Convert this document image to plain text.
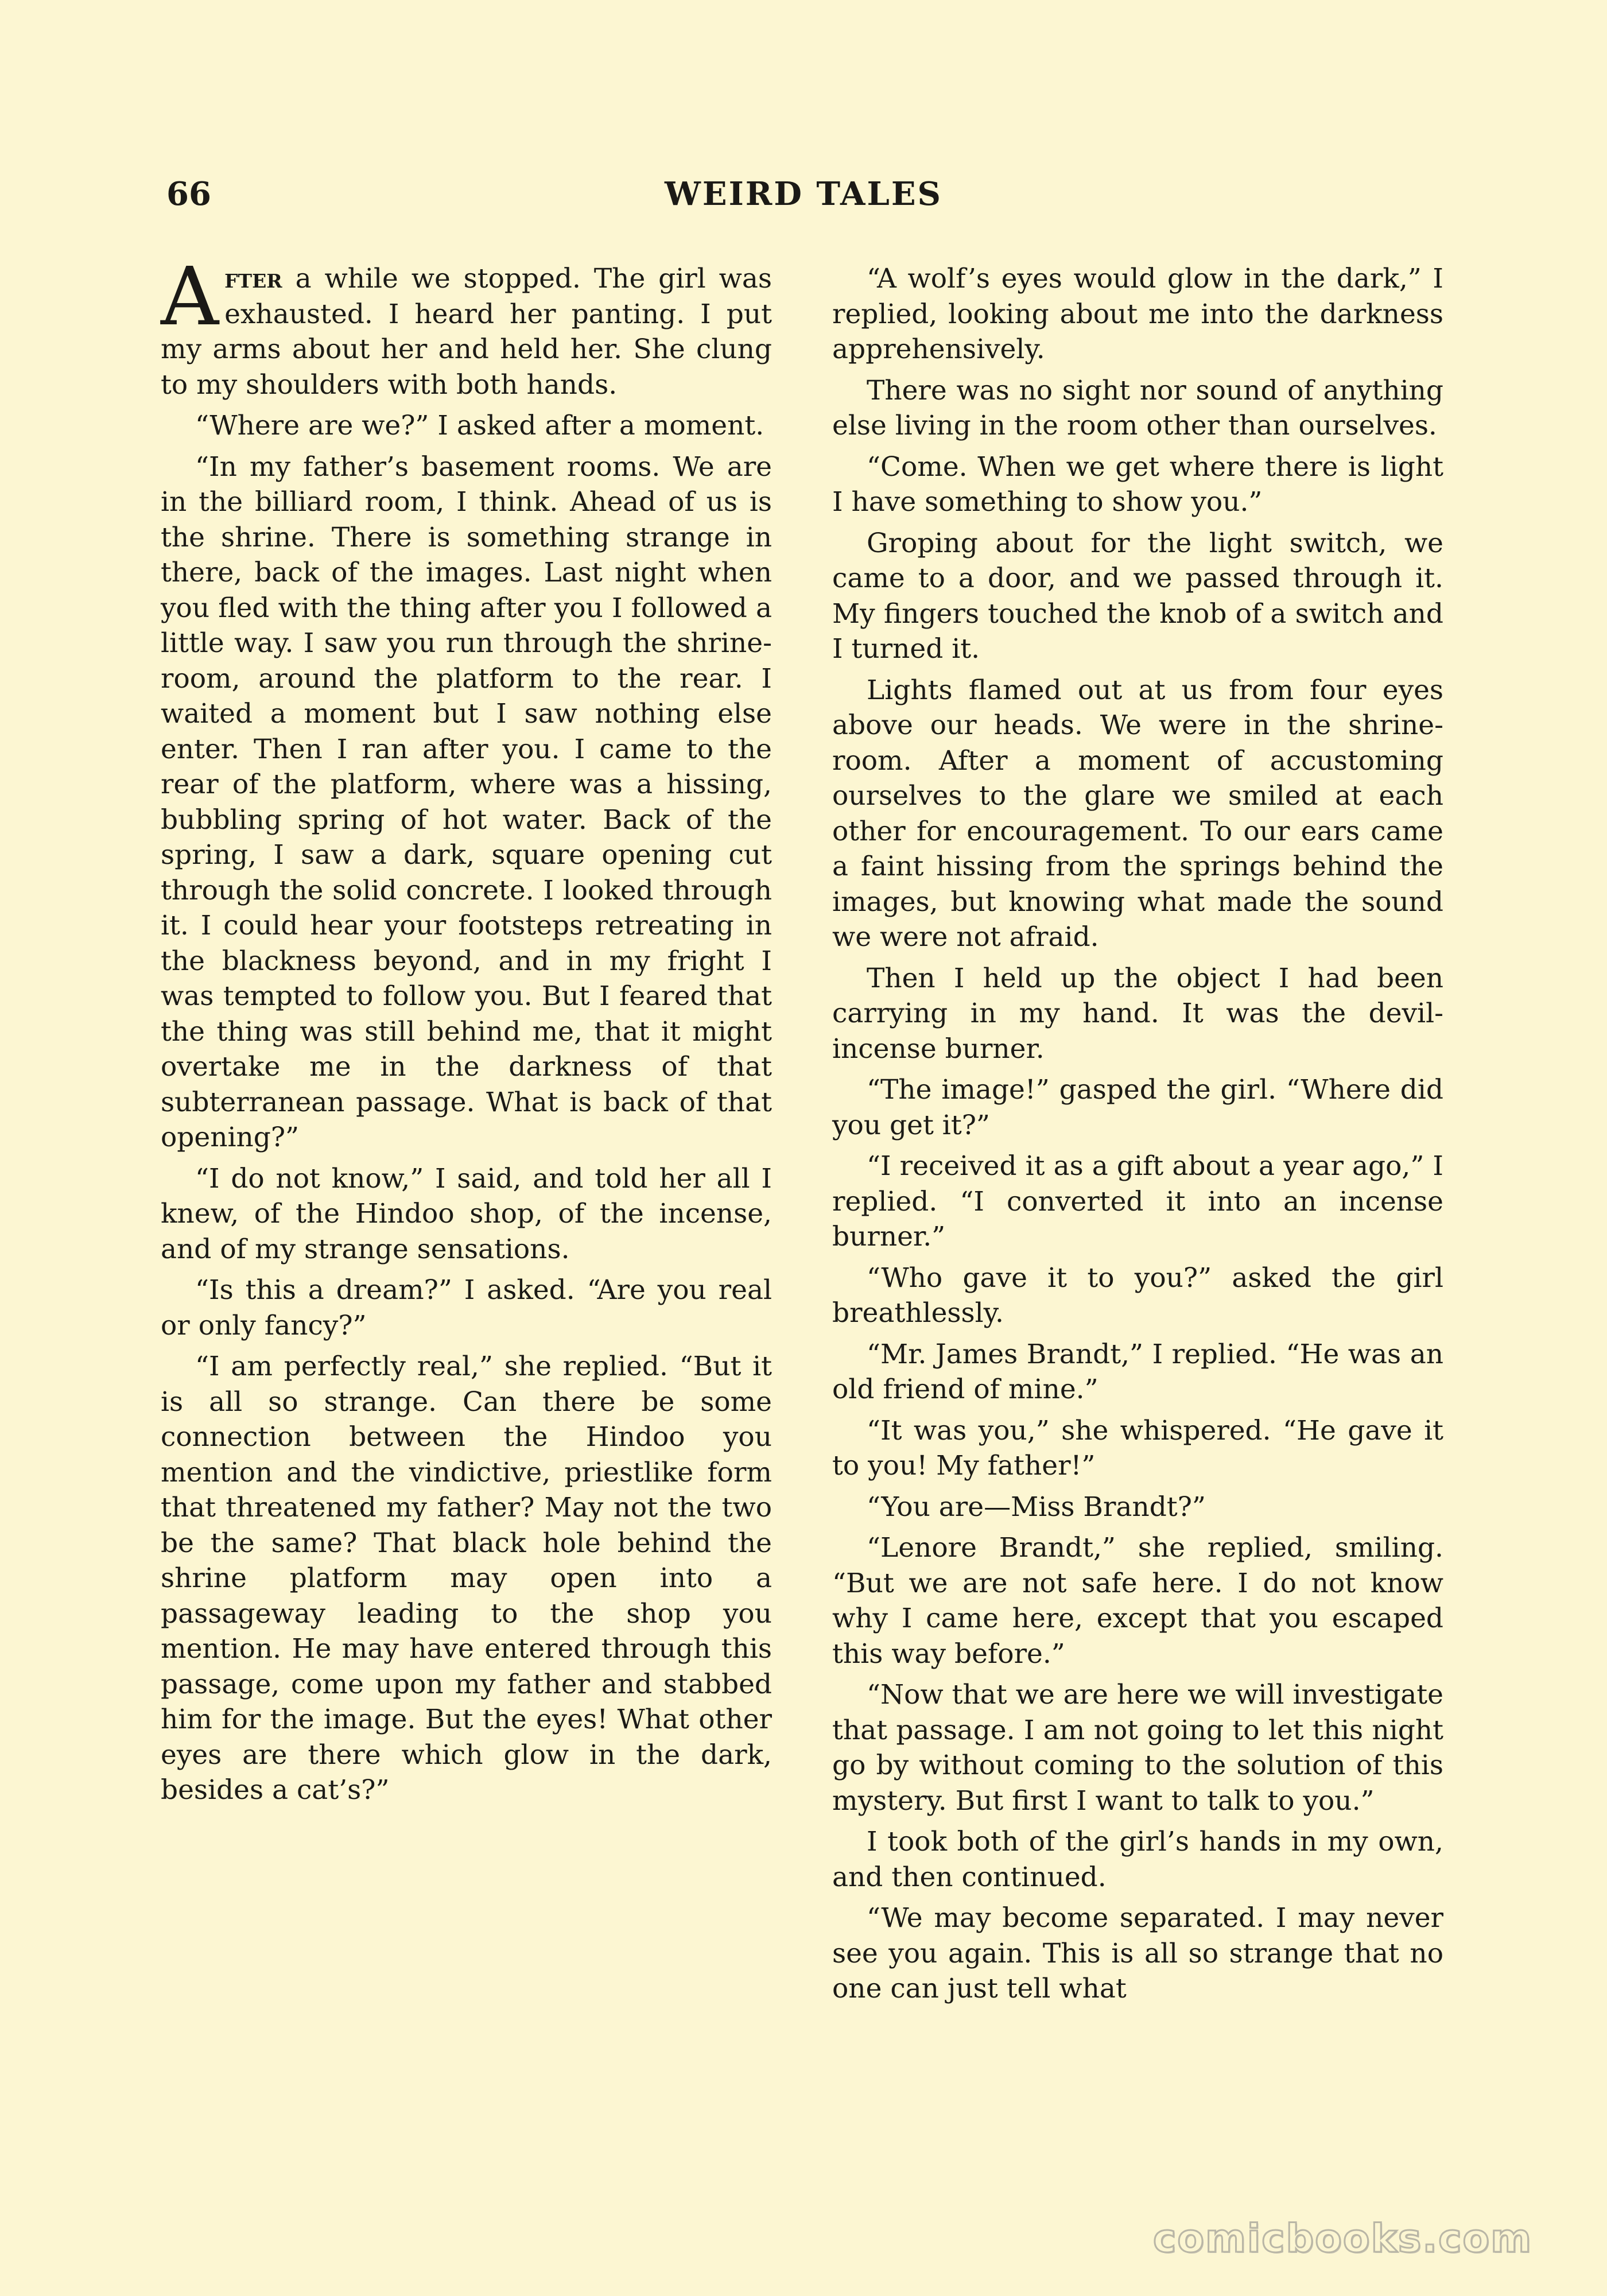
66	WEIRD TALES

After a while we stopped. The girl was exhausted. I heard her panting. I put my arms about her and held her. She clung to my shoulders with both hands.

“Where are we?” I asked after a moment.

“In my father’s basement rooms. We are in the billiard room, I think. Ahead of us is the shrine. There is something strange in there, back of the images. Last night when you fled with the thing after you I followed a little way. I saw you run through the shrine-room, around the platform to the rear. I waited a moment but I saw nothing else enter. Then I ran after you. I came to the rear of the platform, where was a hissing, bubbling spring of hot water. Back of the spring, I saw a dark, square opening cut through the solid concrete. I looked through it. I could hear your footsteps retreating in the blackness beyond, and in my fright I was tempted to follow you. But I feared that the thing was still behind me, that it might overtake me in the darkness of that subterranean passage. What is back of that opening?”

“I do not know,” I said, and told her all I knew, of the Hindoo shop, of the incense, and of my strange sensations.

“Is this a dream?” I asked. “Are you real or only fancy?”

“I am perfectly real,” she replied. “But it is all so strange. Can there be some connection between the Hindoo you mention and the vindictive, priestlike form that threatened my father? May not the two be the same? That black hole behind the shrine platform may open into a passageway leading to the shop you mention. He may have entered through this passage, come upon my father and stabbed him for the image. But the eyes! What other eyes are there which glow in the dark, besides a cat’s?”

“A wolf’s eyes would glow in the dark,” I replied, looking about me into the darkness apprehensively.

There was no sight nor sound of anything else living in the room other than ourselves.

“Come. When we get where there is light I have something to show you.”

Groping about for the light switch, we came to a door, and we passed through it. My fingers touched the knob of a switch and I turned it.

Lights flamed out at us from four eyes above our heads. We were in the shrine-room. After a moment of accustoming ourselves to the glare we smiled at each other for encouragement. To our ears came a faint hissing from the springs behind the images, but knowing what made the sound we were not afraid.

Then I held up the object I had been carrying in my hand. It was the devil-incense burner.

“The image!” gasped the girl. “Where did you get it?”

“I received it as a gift about a year ago,” I replied. “I converted it into an incense burner.”

“Who gave it to you?” asked the girl breathlessly.

“Mr. James Brandt,” I replied. “He was an old friend of mine.”

“It was you,” she whispered. “He gave it to you! My father!”

“You are—Miss Brandt?”

“Lenore Brandt,” she replied, smiling. “But we are not safe here. I do not know why I came here, except that you escaped this way before.”

“Now that we are here we will investigate that passage. I am not going to let this night go by without coming to the solution of this mystery. But first I want to talk to you.”

I took both of the girl’s hands in my own, and then continued.

“We may become separated. I may never see you again. This is all so strange that no one can just tell what

comicbooks.com
